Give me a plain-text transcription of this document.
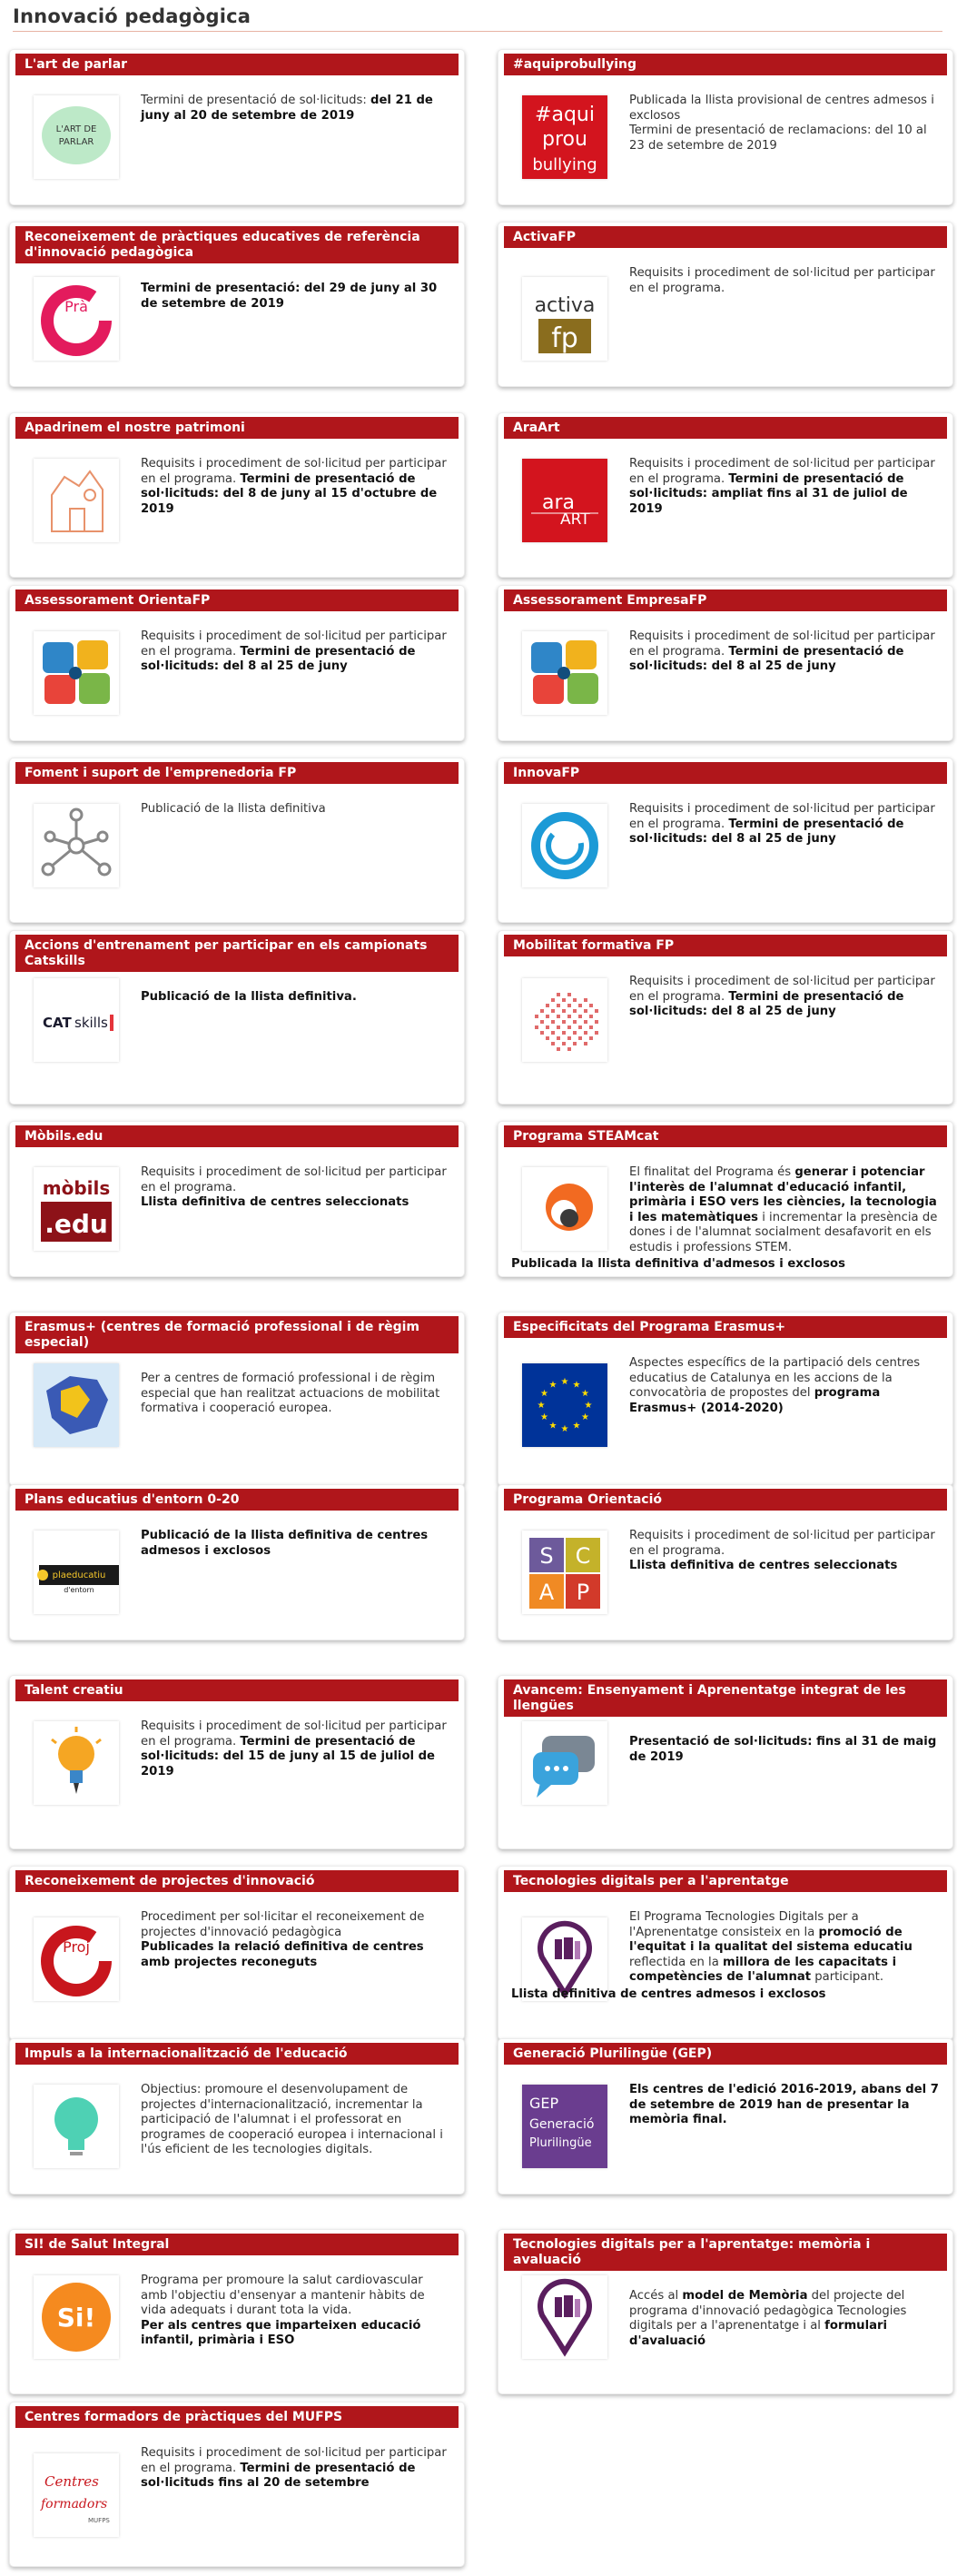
Innovació pedagògica
L'art de parlar
L'ART DE
PARLAR
Termini de presentació de sol·licituds: del 21 de juny al 20 de setembre de 2019
#aquiprobullying
#aqui
prou
bullying
Publicada la llista provisional de centres admesos i exclosos
Termini de presentació de reclamacions: del 10 al 23 de setembre de 2019
Reconeixement de pràctiques educatives de referència d'innovació pedagògica
Prà
Termini de presentació: del 29 de juny al 30 de setembre de 2019
ActivaFP
activa
fp
Requisits i procediment de sol·licitud per participar en el programa.
Apadrinem el nostre patrimoni
Requisits i procediment de sol·licitud per participar en el programa. Termini de presentació de sol·licituds: del 8 de juny al 15 d'octubre de 2019
AraArt
ara
ART
Requisits i procediment de sol·licitud per participar en el programa. Termini de presentació de sol·licituds: ampliat fins al 31 de juliol de 2019
Assessorament OrientaFP
Requisits i procediment de sol·licitud per participar en el programa. Termini de presentació de sol·licituds: del 8 al 25 de juny
Assessorament EmpresaFP
Requisits i procediment de sol·licitud per participar en el programa. Termini de presentació de sol·licituds: del 8 al 25 de juny
Foment i suport de l'emprenedoria FP
Publicació de la llista definitiva
InnovaFP
Requisits i procediment de sol·licitud per participar en el programa. Termini de presentació de sol·licituds: del 8 al 25 de juny
Accions d'entrenament per participar en els campionats Catskills
CAT skills
Publicació de la llista definitiva.
Mobilitat formativa FP
Requisits i procediment de sol·licitud per participar en el programa. Termini de presentació de sol·licituds: del 8 al 25 de juny
Mòbils.edu
mòbils
.edu
Requisits i procediment de sol·licitud per participar en el programa.
Llista definitiva de centres seleccionats
Programa STEAMcat
El finalitat del Programa és generar i potenciar l'interès de l'alumnat d'educació infantil, primària i ESO vers les ciències, la tecnologia i les matemàtiques i incrementar la presència de dones i de l'alumnat socialment desafavorit en els estudis i professions STEM.
Publicada la llista definitiva d'admesos i exclosos
Erasmus+ (centres de formació professional i de règim especial)
Per a centres de formació professional i de règim especial que han realitzat actuacions de mobilitat formativa i cooperació europea.
Especificitats del Programa Erasmus+
★
★
★
★
★
★
★
★
★ ★ ★
★
Aspectes específics de la partipació dels centres educatius de Catalunya en les accions de la convocatòria de propostes del programa Erasmus+ (2014-2020)
Plans educatius d'entorn 0-20
plaeducatiu
d'entorn
Publicació de la llista definitiva de centres admesos i exclosos
Programa Orientació
S C
A P
Requisits i procediment de sol·licitud per participar en el programa.
Llista definitiva de centres seleccionats
Talent creatiu
Requisits i procediment de sol·licitud per participar en el programa. Termini de presentació de sol·licituds: del 15 de juny al 15 de juliol de 2019
Avancem: Ensenyament i Aprenentatge integrat de les llengües
Presentació de sol·licituds: fins al 31 de maig de 2019
Reconeixement de projectes d'innovació
Proj
Procediment per sol·licitar el reconeixement de projectes d'innovació pedagògica
Publicades la relació definitiva de centres amb projectes reconeguts
Tecnologies digitals per a l'aprentatge
El Programa Tecnologies Digitals per a l'Aprenentatge consisteix en la promoció de l'equitat i la qualitat del sistema educatiu reflectida en la millora de les capacitats i competències de l'alumnat participant.
Llista definitiva de centres admesos i exclosos
Impuls a la internacionalització de l'educació
Objectius: promoure el desenvolupament de projectes d'internacionalització, incrementar la participació de l'alumnat i el professorat en programes de cooperació europea i internacional i l'ús eficient de les tecnologies digitals.
Generació Plurilingüe (GEP)
GEP
Generació
Plurilingüe
Els centres de l'edició 2016-2019, abans del 7 de setembre de 2019 han de presentar la memòria final.
SI! de Salut Integral
Si!
Programa per promoure la salut cardiovascular amb l'objectiu d'ensenyar a mantenir hàbits de vida adequats i durant tota la vida.
Per als centres que imparteixen educació infantil, primària i ESO
Tecnologies digitals per a l'aprentatge: memòria i avaluació
Accés al model de Memòria del projecte del programa d'innovació pedagògica Tecnologies digitals per a l'aprenentatge i al formulari d'avaluació
Centres formadors de pràctiques del MUFPS
Centres
formadors
MUFPS
Requisits i procediment de sol·licitud per participar en el programa. Termini de presentació de sol·licituds fins al 20 de setembre
